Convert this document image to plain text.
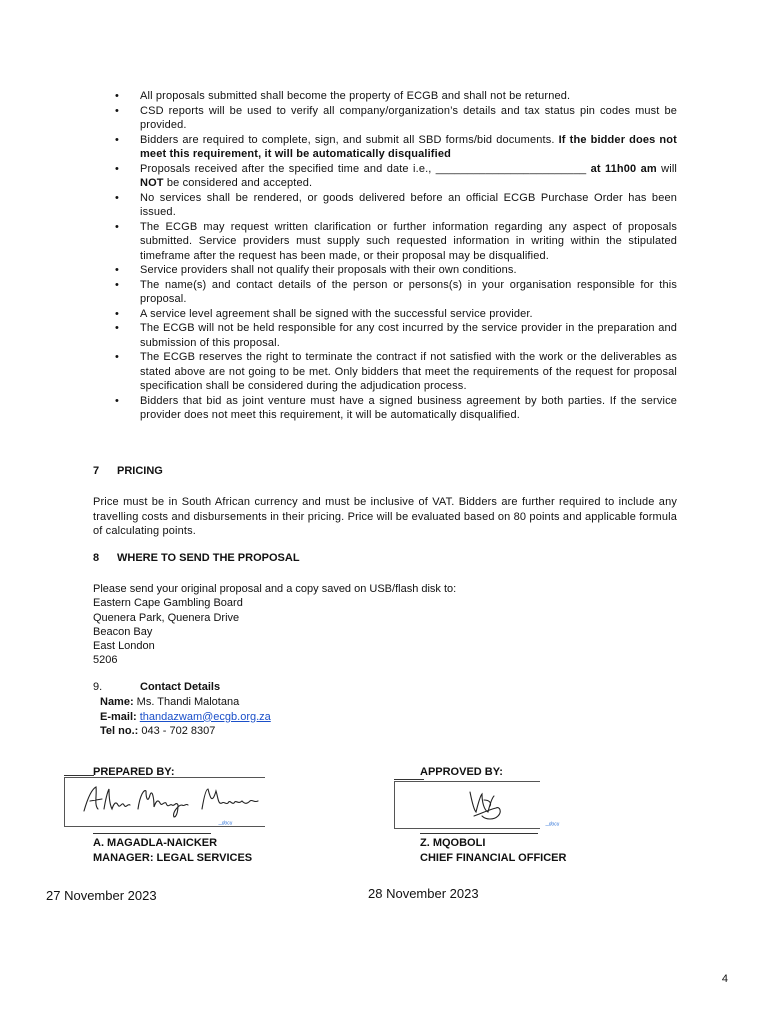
• All proposals submitted shall become the property of ECGB and shall not be returned.
• CSD reports will be used to verify all company/organization’s details and tax status pin codes must be provided.
• Bidders are required to complete, sign, and submit all SBD forms/bid documents. If the bidder does not meet this requirement, it will be automatically disqualified
• Proposals received after the specified time and date i.e., ________________________ at 11h00 am will NOT be considered and accepted.
• No services shall be rendered, or goods delivered before an official ECGB Purchase Order has been issued.
• The ECGB may request written clarification or further information regarding any aspect of proposals submitted. Service providers must supply such requested information in writing within the stipulated timeframe after the request has been made, or their proposal may be disqualified.
• Service providers shall not qualify their proposals with their own conditions.
• The name(s) and contact details of the person or persons(s) in your organisation responsible for this proposal.
• A service level agreement shall be signed with the successful service provider.
• The ECGB will not be held responsible for any cost incurred by the service provider in the preparation and submission of this proposal.
• The ECGB reserves the right to terminate the contract if not satisfied with the work or the deliverables as stated above are not going to be met. Only bidders that meet the requirements of the request for proposal specification shall be considered during the adjudication process.
• Bidders that bid as joint venture must have a signed business agreement by both parties. If the service provider does not meet this requirement, it will be automatically disqualified.
7 PRICING

Price must be in South African currency and must be inclusive of VAT. Bidders are further required to include any travelling costs and disbursements in their pricing. Price will be evaluated based on 80 points and applicable formula of calculating points.

8 WHERE TO SEND THE PROPOSAL
Please send your original proposal and a copy saved on USB/flash disk to:
Eastern Cape Gambling Board
Quenera Park, Quenera Drive
Beacon Bay
East London
5206
9.	Contact Details
Name: Ms. Thandi Malotana
E-mail: thandazwam@ecgb.org.za
Tel no.: 043 - 702 8307
PREPARED BY:
ﾠ	Akhona Magadla Naicker
⎯ᵈᵒᶜᵘ
A. MAGADLA-NAICKER
MANAGER: LEGAL SERVICES
27 November 2023
APPROVED BY:
⎯ᵈᵒᶜᵘ
Z. MQOBOLI
CHIEF FINANCIAL OFFICER
28 November 2023
4
